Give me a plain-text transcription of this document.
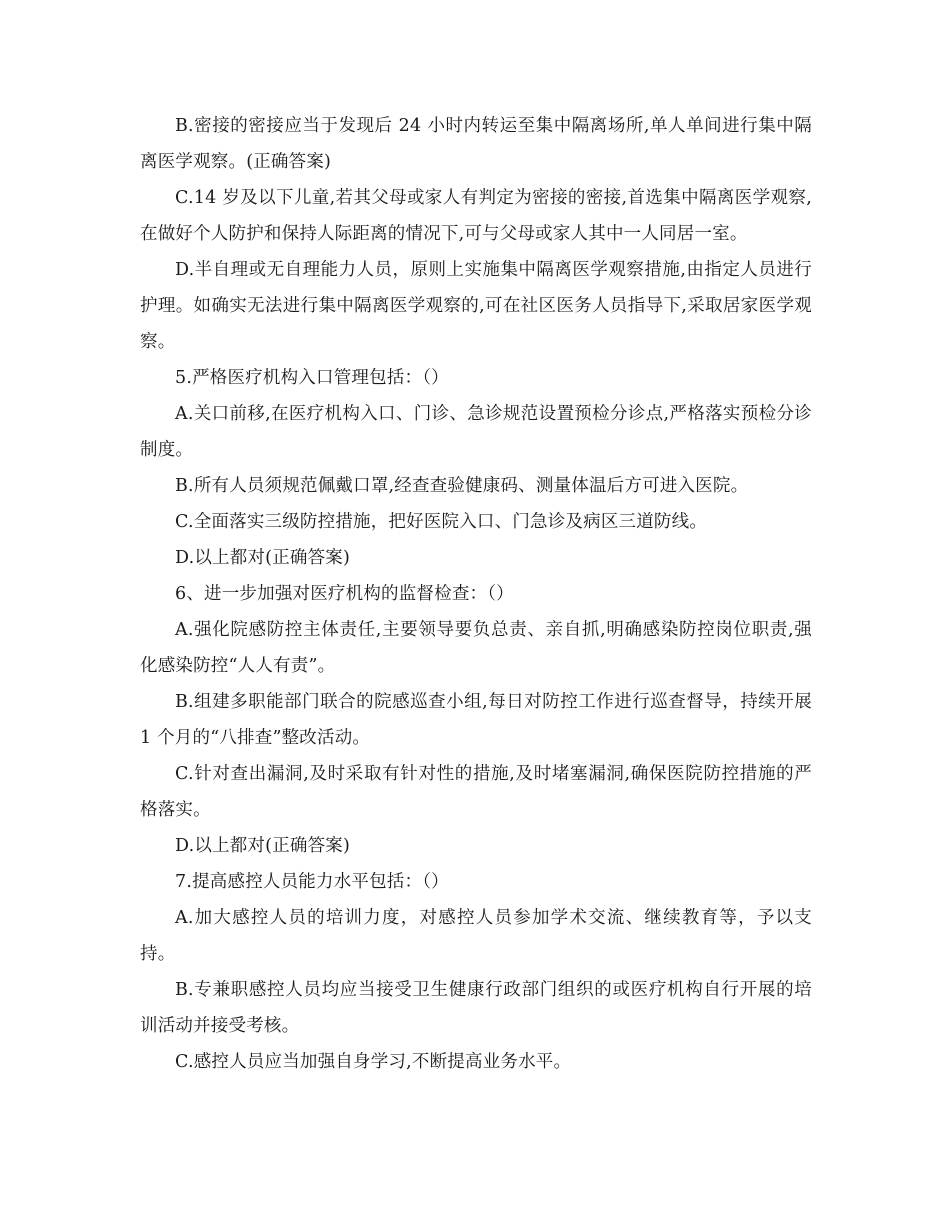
B.密接的密接应当于发现后 24 小时内转运至集中隔离场所,单人单间进行集中隔离医学观察。(正确答案)

C.14 岁及以下儿童,若其父母或家人有判定为密接的密接,首选集中隔离医学观察,在做好个人防护和保持人际距离的情况下,可与父母或家人其中一人同居一室。

D.半自理或无自理能力人员，原则上实施集中隔离医学观察措施,由指定人员进行护理。如确实无法进行集中隔离医学观察的,可在社区医务人员指导下,采取居家医学观察。

5.严格医疗机构入口管理包括：（）

A.关口前移,在医疗机构入口、门诊、急诊规范设置预检分诊点,严格落实预检分诊制度。

B.所有人员须规范佩戴口罩,经查查验健康码、测量体温后方可进入医院。

C.全面落实三级防控措施，把好医院入口、门急诊及病区三道防线。

D.以上都对(正确答案)

6、进一步加强对医疗机构的监督检查：（）

A.强化院感防控主体责任,主要领导要负总责、亲自抓,明确感染防控岗位职责,强化感染防控“人人有责”。

B.组建多职能部门联合的院感巡查小组,每日对防控工作进行巡查督导，持续开展 1 个月的“八排查”整改活动。

C.针对查出漏洞,及时采取有针对性的措施,及时堵塞漏洞,确保医院防控措施的严格落实。

D.以上都对(正确答案)

7.提高感控人员能力水平包括：（）

A.加大感控人员的培训力度，对感控人员参加学术交流、继续教育等，予以支持。

B.专兼职感控人员均应当接受卫生健康行政部门组织的或医疗机构自行开展的培训活动并接受考核。

C.感控人员应当加强自身学习,不断提高业务水平。
